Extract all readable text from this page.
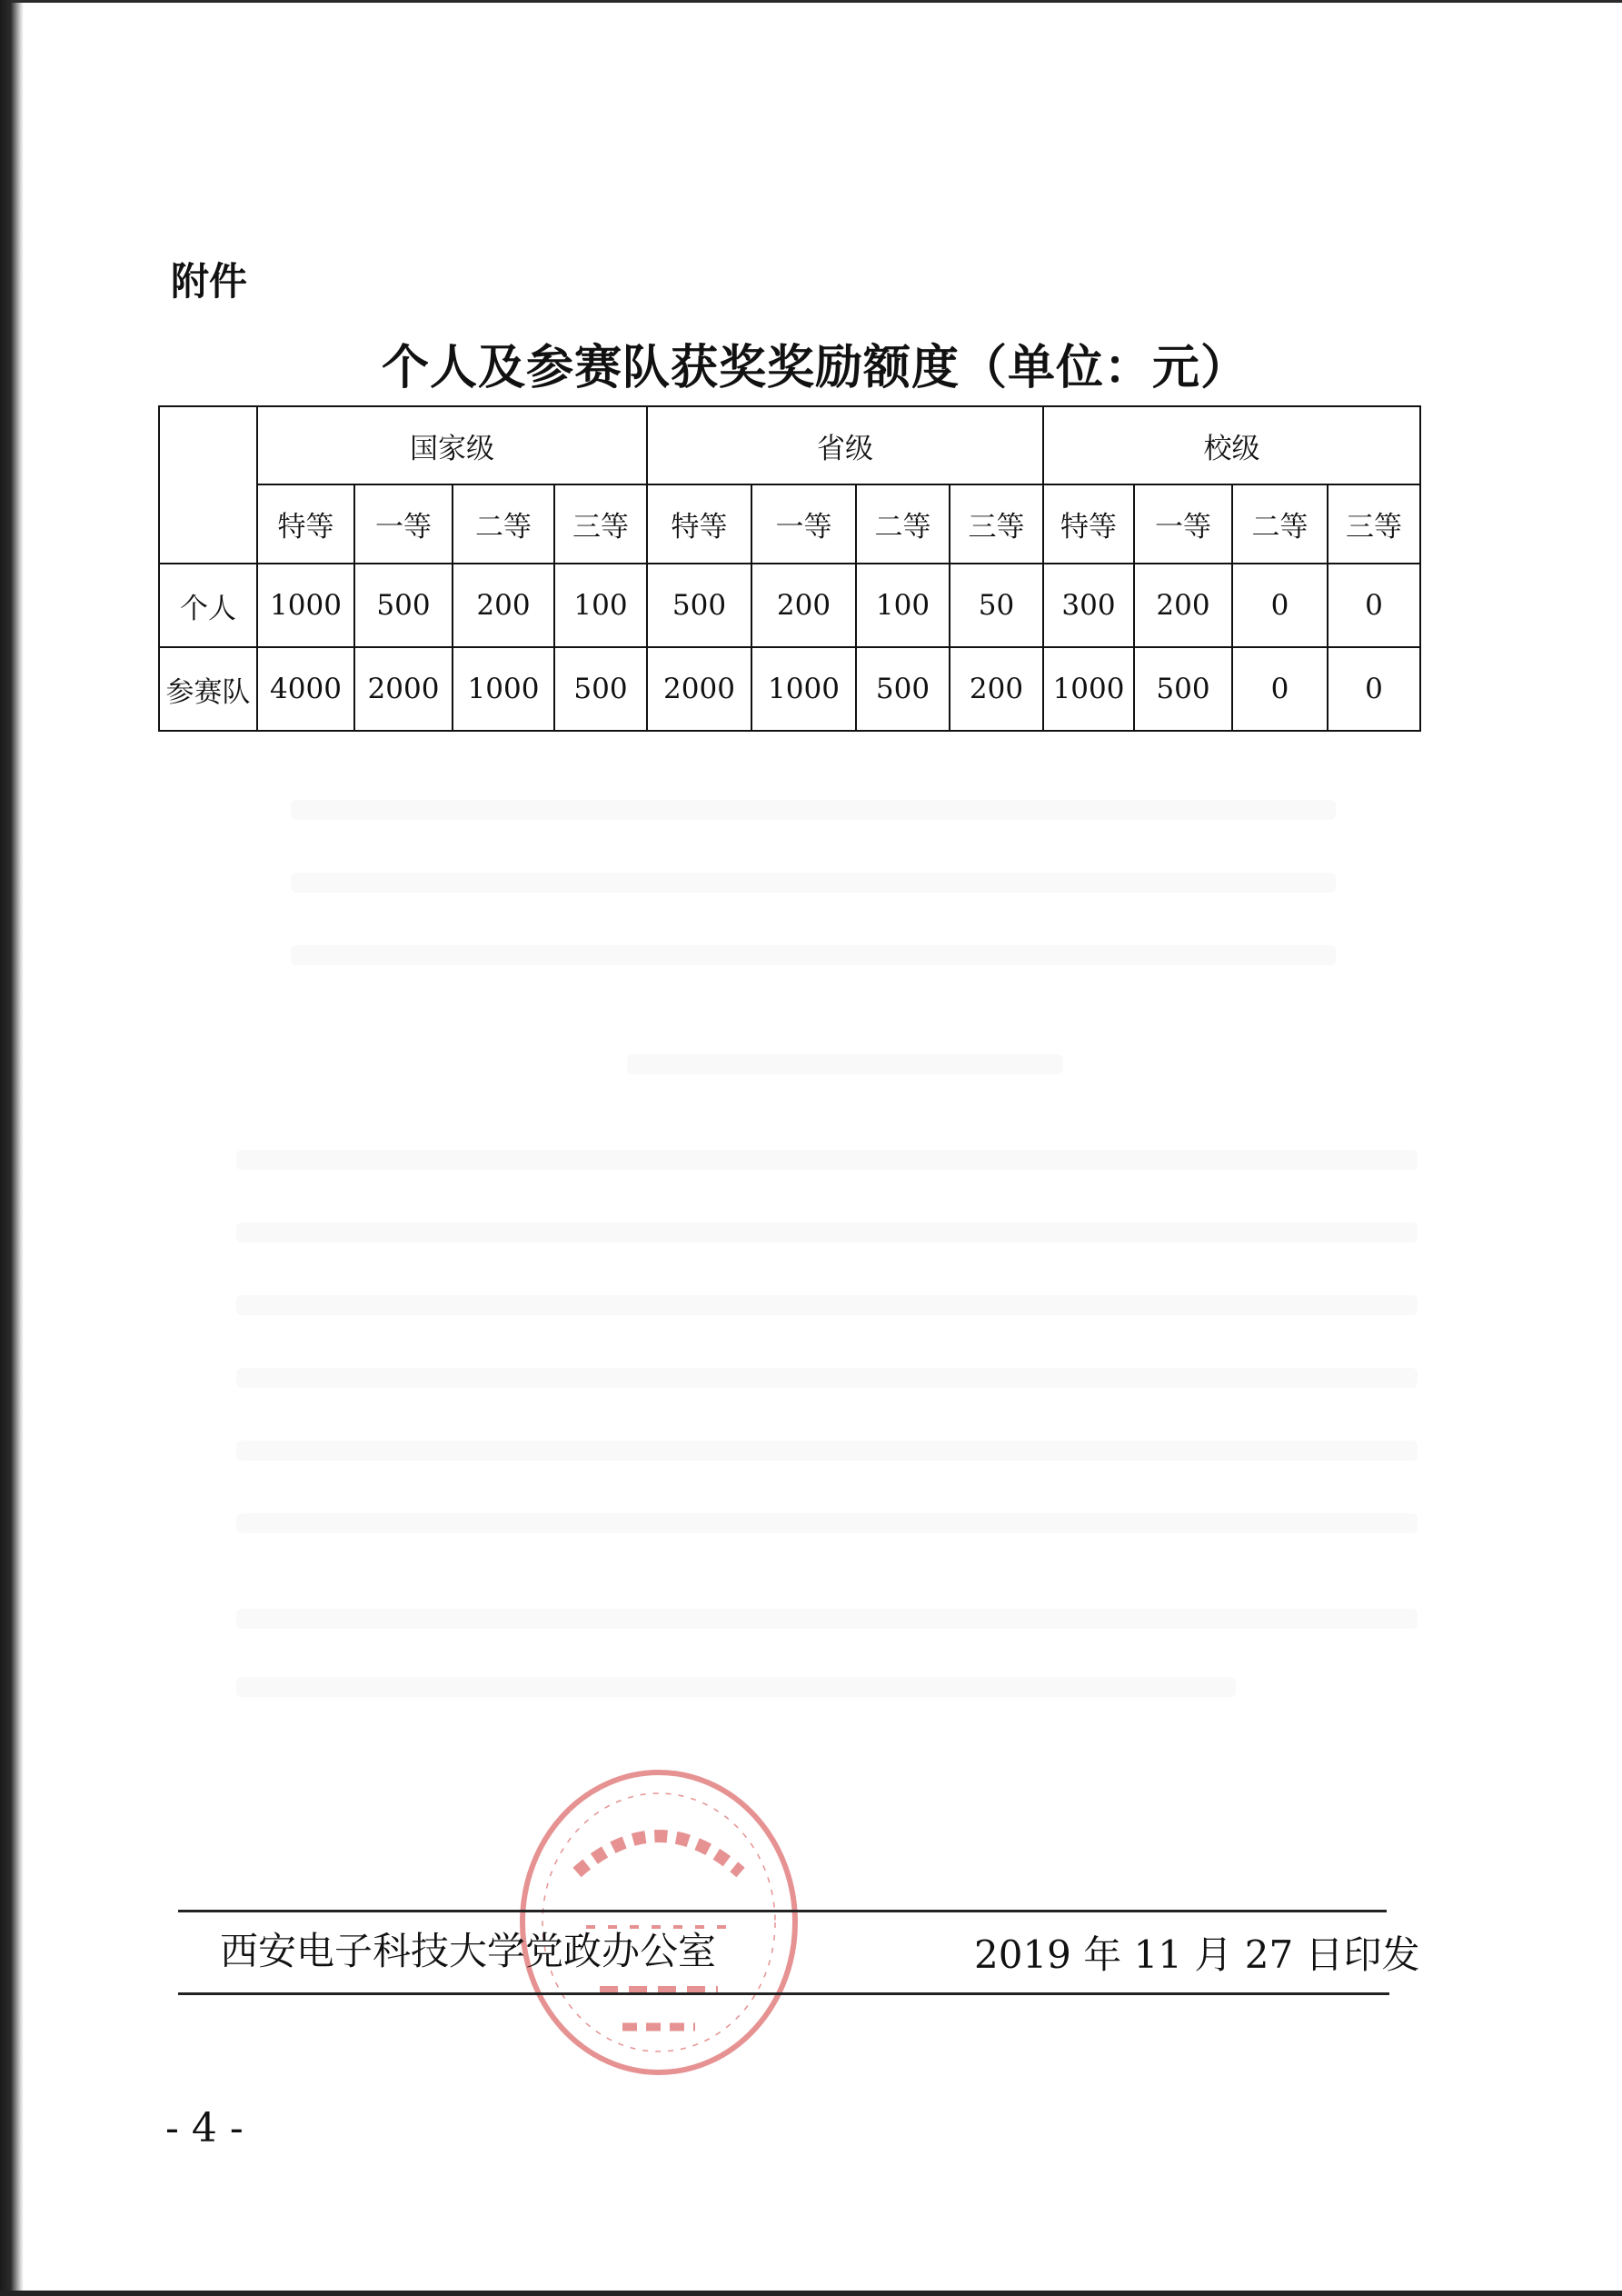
附件
个人及参赛队获奖奖励额度（单位：元）
	国家级				省级				校级			
	特等	一等	二等	三等	特等	一等	二等	三等	特等	一等	二等	三等
个人	1000	500	200	100	500	200	100	50	300	200	0	0
参赛队	4000	2000	1000	500	2000	1000	500	200	1000	500	0	0
西安电子科技大学党政办公室	2019 年 11 月 27 日印发
- 4 -
